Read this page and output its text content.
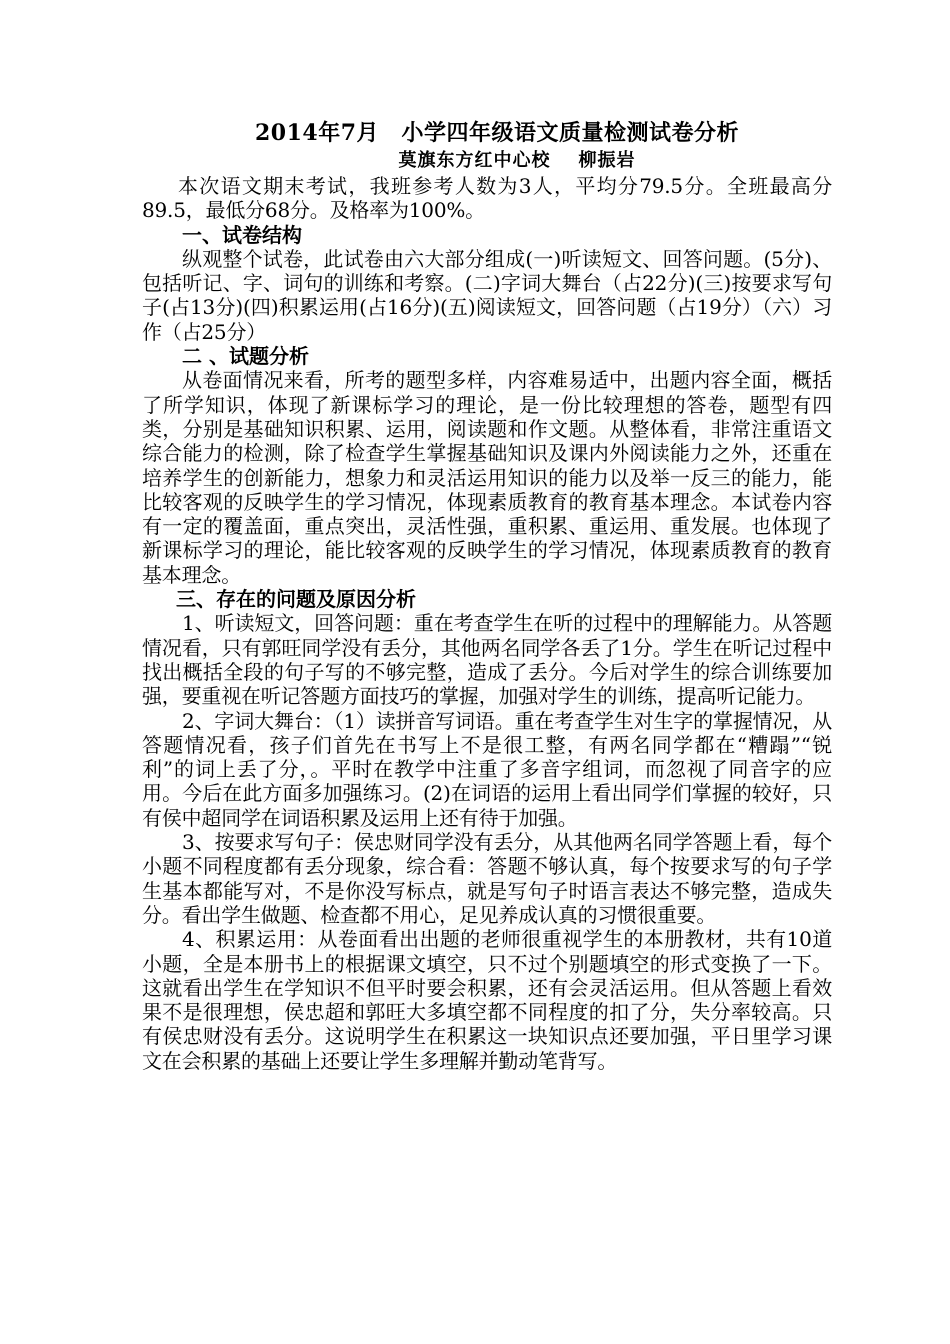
2014年7月　小学四年级语文质量检测试卷分析
莫旗东方红中心校 柳振岩

本次语文期末考试，我班参考人数为3人，平均分79.5分。全班最高分89.5，最低分68分。及格率为100%。

一、试卷结构

纵观整个试卷，此试卷由六大部分组成(一)听读短文、回答问题。(5分)、包括听记、字、词句的训练和考察。(二)字词大舞台（占22分)(三)按要求写句子(占13分)(四)积累运用(占16分)(五)阅读短文，回答问题（占19分）（六）习作（占25分）

二 、试题分析

从卷面情况来看，所考的题型多样，内容难易适中，出题内容全面，概括了所学知识，体现了新课标学习的理论，是一份比较理想的答卷，题型有四类，分别是基础知识积累、运用，阅读题和作文题。从整体看，非常注重语文综合能力的检测，除了检查学生掌握基础知识及课内外阅读能力之外，还重在培养学生的创新能力，想象力和灵活运用知识的能力以及举一反三的能力，能比较客观的反映学生的学习情况，体现素质教育的教育基本理念。本试卷内容有一定的覆盖面，重点突出，灵活性强，重积累、重运用、重发展。也体现了新课标学习的理论，能比较客观的反映学生的学习情况，体现素质教育的教育基本理念。

三、存在的问题及原因分析

1、听读短文，回答问题：重在考查学生在听的过程中的理解能力。从答题情况看，只有郭旺同学没有丢分，其他两名同学各丢了1分。学生在听记过程中找出概括全段的句子写的不够完整，造成了丢分。今后对学生的综合训练要加强，要重视在听记答题方面技巧的掌握，加强对学生的训练，提高听记能力。

2、字词大舞台：（1）读拼音写词语。重在考查学生对生字的掌握情况，从答题情况看，孩子们首先在书写上不是很工整，有两名同学都在“糟蹋”“锐利”的词上丢了分，。平时在教学中注重了多音字组词，而忽视了同音字的应用。今后在此方面多加强练习。(2)在词语的运用上看出同学们掌握的较好，只有侯中超同学在词语积累及运用上还有待于加强。

3、按要求写句子：侯忠财同学没有丢分，从其他两名同学答题上看，每个小题不同程度都有丢分现象，综合看：答题不够认真，每个按要求写的句子学生基本都能写对，不是你没写标点，就是写句子时语言表达不够完整，造成失分。看出学生做题、检查都不用心，足见养成认真的习惯很重要。

4、积累运用：从卷面看出出题的老师很重视学生的本册教材，共有10道小题，全是本册书上的根据课文填空，只不过个别题填空的形式变换了一下。这就看出学生在学知识不但平时要会积累，还有会灵活运用。但从答题上看效果不是很理想，侯忠超和郭旺大多填空都不同程度的扣了分，失分率较高。只有侯忠财没有丢分。这说明学生在积累这一块知识点还要加强，平日里学习课文在会积累的基础上还要让学生多理解并勤动笔背写。
